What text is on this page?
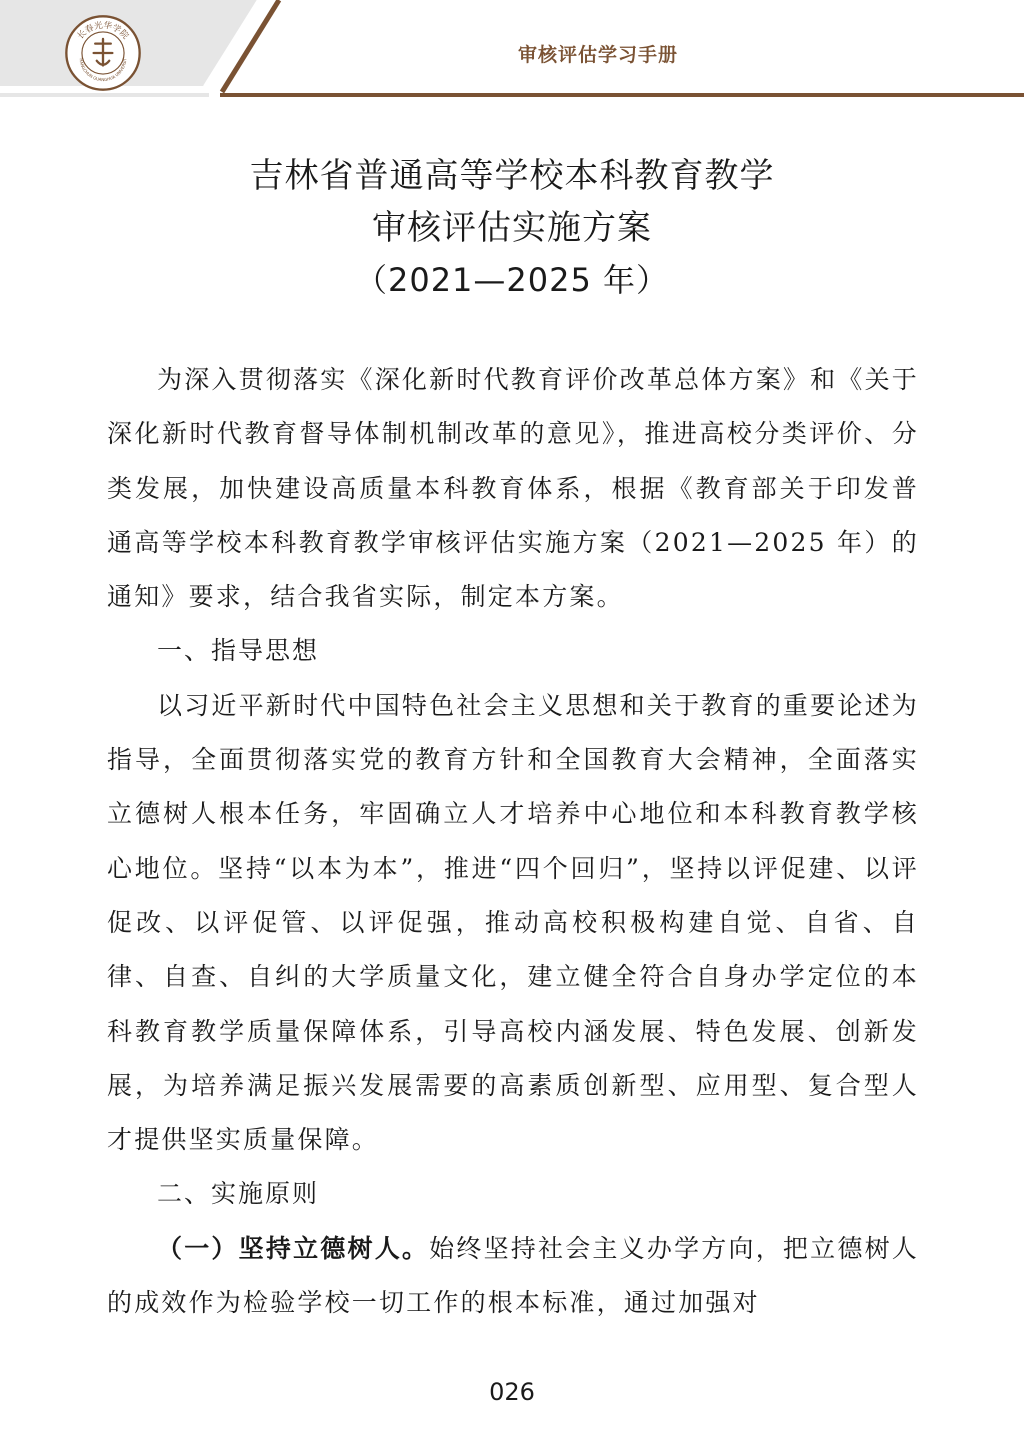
长春光华学院
HANGCHUN GUANGHUA UNIVERSIT	审核评估学习手册
吉林省普通高等学校本科教育教学
审核评估实施方案
（2021—2025 年）

为深入贯彻落实《深化新时代教育评价改革总体方案》和《关于深化新时代教育督导体制机制改革的意见》，推进高校分类评价、分类发展，加快建设高质量本科教育体系，根据《教育部关于印发普通高等学校本科教育教学审核评估实施方案（2021—2025 年）的通知》要求，结合我省实际，制定本方案。

一、指导思想

以习近平新时代中国特色社会主义思想和关于教育的重要论述为指导，全面贯彻落实党的教育方针和全国教育大会精神，全面落实立德树人根本任务，牢固确立人才培养中心地位和本科教育教学核心地位。坚持“以本为本”，推进“四个回归”，坚持以评促建、以评促改、以评促管、以评促强，推动高校积极构建自觉、自省、自律、自查、自纠的大学质量文化，建立健全符合自身办学定位的本科教育教学质量保障体系，引导高校内涵发展、特色发展、创新发展，为培养满足振兴发展需要的高素质创新型、应用型、复合型人才提供坚实质量保障。

二、实施原则

（一）坚持立德树人。始终坚持社会主义办学方向，把立德树人的成效作为检验学校一切工作的根本标准，通过加强对

026
